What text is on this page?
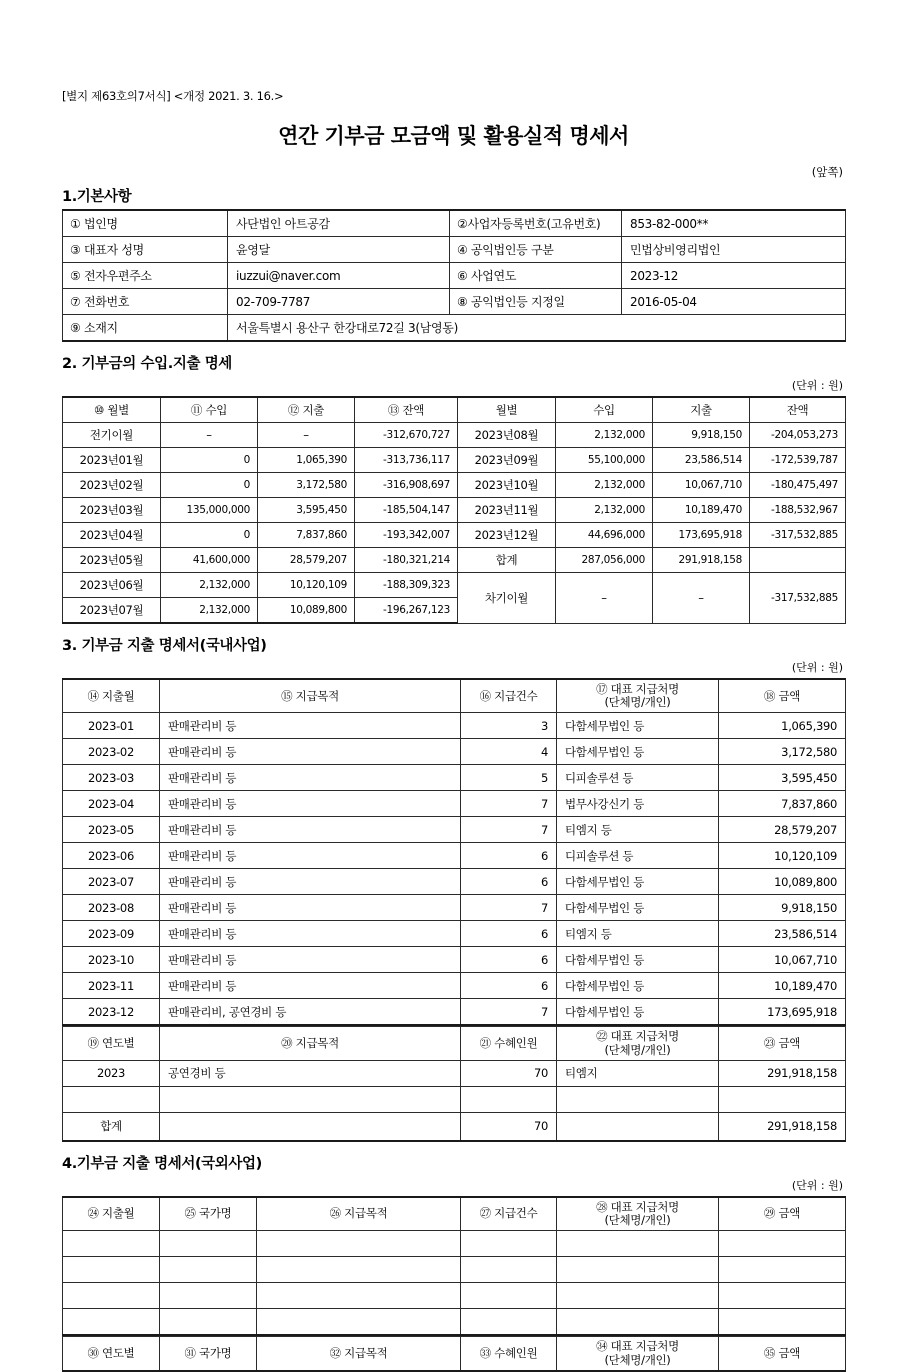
[별지 제63호의7서식] <개정 2021. 3. 16.>
연간 기부금 모금액 및 활용실적 명세서
(앞쪽)
1.기본사항
① 법인명	사단법인 아트공감	②사업자등록번호(고유번호)	853-82-000**
③ 대표자 성명	윤영달	④ 공익법인등 구분	민법상비영리법인
⑤ 전자우편주소	iuzzui@naver.com	⑥ 사업연도	2023-12
⑦ 전화번호	02-709-7787	⑧ 공익법인등 지정일	2016-05-04
⑨ 소재지	서울특별시 용산구 한강대로72길 3(남영동)		
2. 기부금의 수입.지출 명세
(단위 : 원)
⑩ 월별	⑪ 수입	⑫ 지출	⑬ 잔액	월별	수입	지출	잔액
전기이월	–	–	-312,670,727	2023년08월	2,132,000	9,918,150	-204,053,273
2023년01월	0	1,065,390	-313,736,117	2023년09월	55,100,000	23,586,514	-172,539,787
2023년02월	0	3,172,580	-316,908,697	2023년10월	2,132,000	10,067,710	-180,475,497
2023년03월	135,000,000	3,595,450	-185,504,147	2023년11월	2,132,000	10,189,470	-188,532,967
2023년04월	0	7,837,860	-193,342,007	2023년12월	44,696,000	173,695,918	-317,532,885
2023년05월	41,600,000	28,579,207	-180,321,214	합계	287,056,000	291,918,158	
2023년06월	2,132,000	10,120,109	-188,309,323	차기이월	–	–	-317,532,885
2023년07월	2,132,000	10,089,800	-196,267,123				
3. 기부금 지출 명세서(국내사업)
(단위 : 원)
⑭ 지출월	⑮ 지급목적	⑯ 지급건수	⑰ 대표 지급처명
(단체명/개인)	⑱ 금액
2023-01	판매관리비 등	3	다함세무법인 등	1,065,390
2023-02	판매관리비 등	4	다함세무법인 등	3,172,580
2023-03	판매관리비 등	5	디피솔루션 등	3,595,450
2023-04	판매관리비 등	7	법무사강신기 등	7,837,860
2023-05	판매관리비 등	7	티엠지 등	28,579,207
2023-06	판매관리비 등	6	디피솔루션 등	10,120,109
2023-07	판매관리비 등	6	다함세무법인 등	10,089,800
2023-08	판매관리비 등	7	다함세무법인 등	9,918,150
2023-09	판매관리비 등	6	티엠지 등	23,586,514
2023-10	판매관리비 등	6	다함세무법인 등	10,067,710
2023-11	판매관리비 등	6	다함세무법인 등	10,189,470
2023-12	판매관리비, 공연경비 등	7	다함세무법인 등	173,695,918
⑲ 연도별	⑳ 지급목적	㉑ 수혜인원	㉒ 대표 지급처명
(단체명/개인)	㉓ 금액
2023	공연경비 등	70	티엠지	291,918,158

합계		70		291,918,158
4.기부금 지출 명세서(국외사업)
(단위 : 원)
㉔ 지출월	㉕ 국가명	㉖ 지급목적	㉗ 지급건수	㉘ 대표 지급처명
(단체명/개인)	㉙ 금액

㉚ 연도별	㉛ 국가명	㉜ 지급목적	㉝ 수혜인원	㉞ 대표 지급처명
(단체명/개인)	㉟ 금액
